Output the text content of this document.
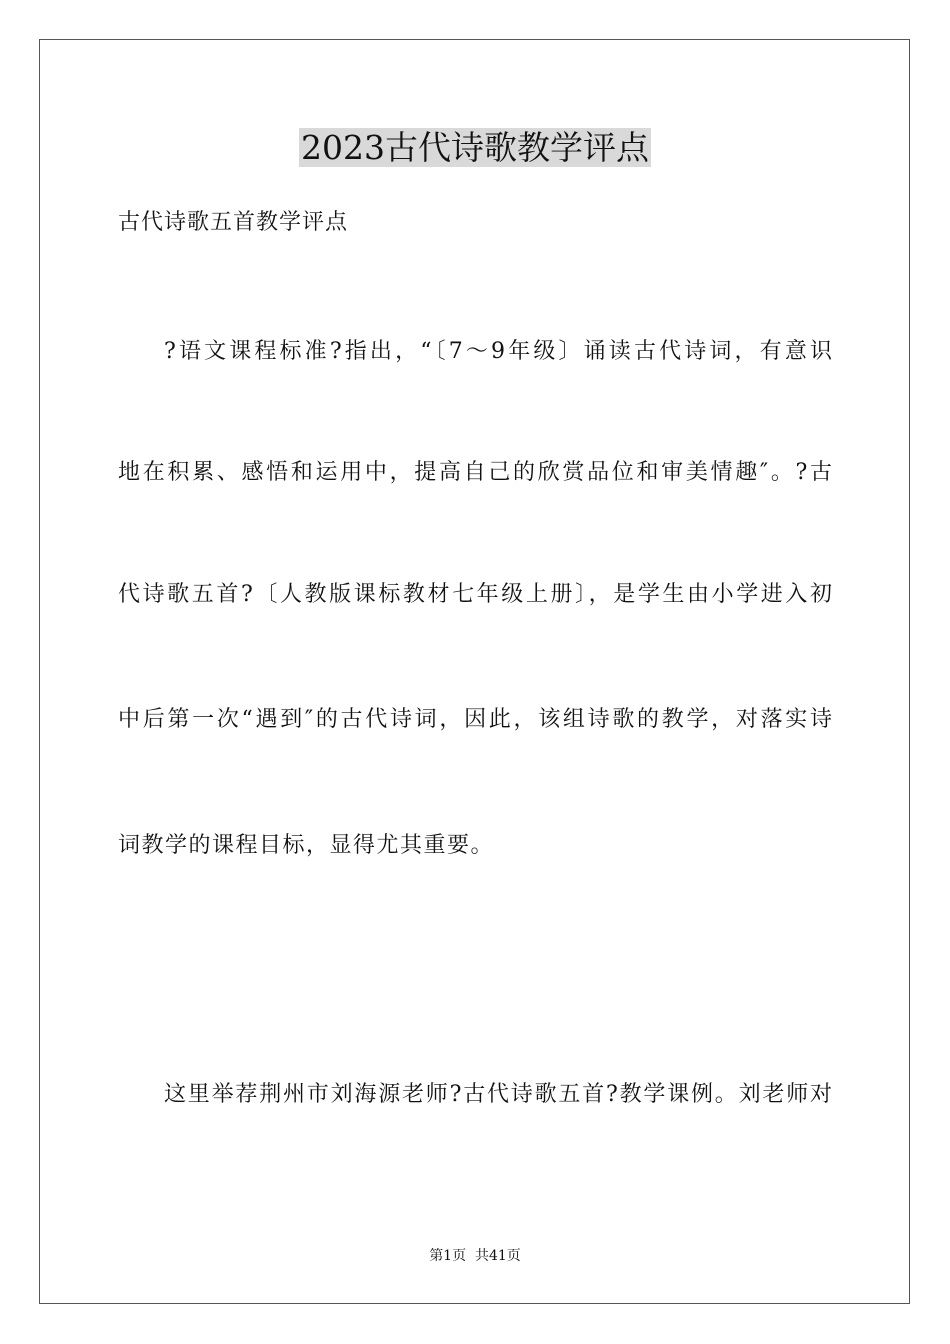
2023古代诗歌教学评点
古代诗歌五首教学评点
?语文课程标准?指出，“〔7～9年级〕诵读古代诗词，有意识
地在积累、感悟和运用中，提高自己的欣赏品位和审美情趣″。?古
代诗歌五首?〔人教版课标教材七年级上册〕，是学生由小学进入初
中后第一次“遇到″的古代诗词，因此，该组诗歌的教学，对落实诗
词教学的课程目标，显得尤其重要。
这里举荐荆州市刘海源老师?古代诗歌五首?教学课例。刘老师对
第1页  共41页
